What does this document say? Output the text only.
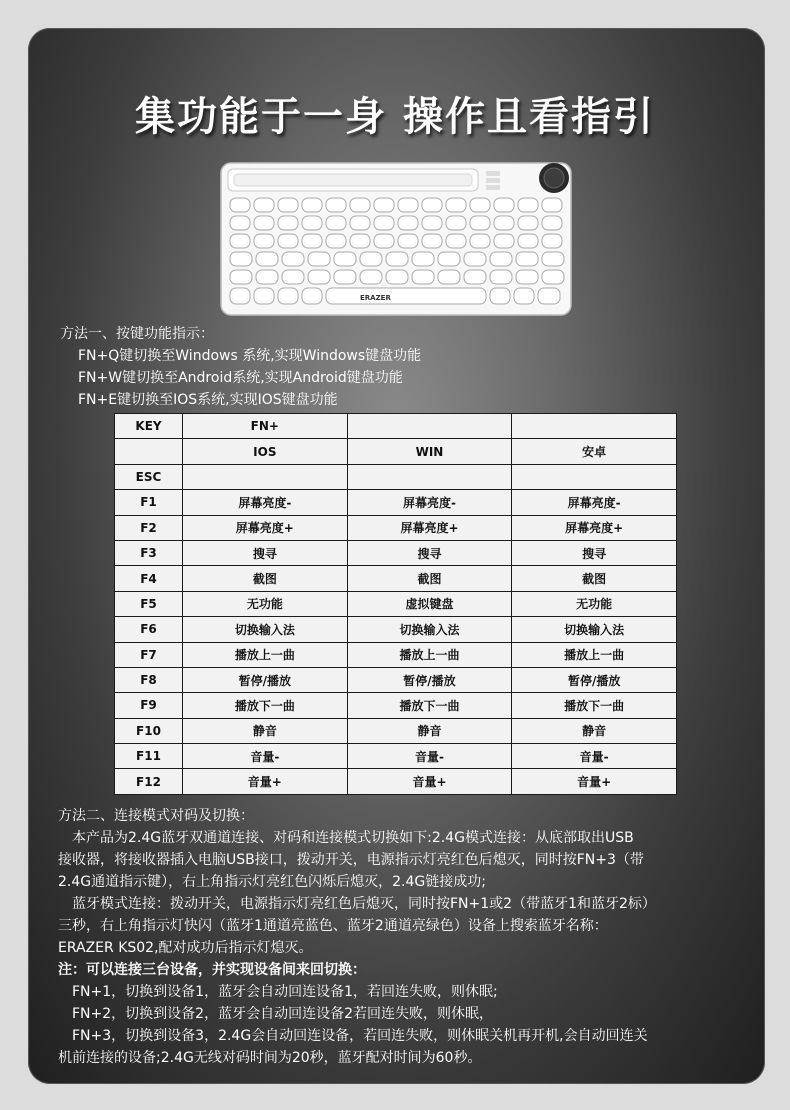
集功能于一身 操作且看指引
ERAZER
方法一、按键功能指示：
FN+Q键切换至Windows 系统,实现Windows键盘功能
FN+W键切换至Android系统,实现Android键盘功能
FN+E键切换至IOS系统,实现IOS键盘功能
KEY	FN+		
	IOS	WIN	安卓
ESC			
F1	屏幕亮度-	屏幕亮度-	屏幕亮度-
F2	屏幕亮度+	屏幕亮度+	屏幕亮度+
F3	搜寻	搜寻	搜寻
F4	截图	截图	截图
F5	无功能	虚拟键盘	无功能
F6	切换输入法	切换输入法	切换输入法
F7	播放上一曲	播放上一曲	播放上一曲
F8	暂停/播放	暂停/播放	暂停/播放
F9	播放下一曲	播放下一曲	播放下一曲
F10	静音	静音	静音
F11	音量-	音量-	音量-
F12	音量+	音量+	音量+

方法二、连接模式对码及切换：

本产品为2.4G蓝牙双通道连接、对码和连接模式切换如下:2.4G模式连接：从底部取出USB

接收器，将接收器插入电脑USB接口，拨动开关，电源指示灯亮红色后熄灭，同时按FN+3（带

2.4G通道指示键），右上角指示灯亮红色闪烁后熄灭，2.4G链接成功;

蓝牙模式连接：拨动开关，电源指示灯亮红色后熄灭，同时按FN+1或2（带蓝牙1和蓝牙2标）

三秒，右上角指示灯快闪（蓝牙1通道亮蓝色、蓝牙2通道亮绿色）设备上搜索蓝牙名称：

ERAZER KS02,配对成功后指示灯熄灭。

注：可以连接三台设备，并实现设备间来回切换：

FN+1，切换到设备1，蓝牙会自动回连设备1，若回连失败，则休眠;

FN+2，切换到设备2，蓝牙会自动回连设备2若回连失败，则休眠，

FN+3，切换到设备3，2.4G会自动回连设备，若回连失败，则休眠关机再开机,会自动回连关

机前连接的设备;2.4G无线对码时间为20秒，蓝牙配对时间为60秒。
